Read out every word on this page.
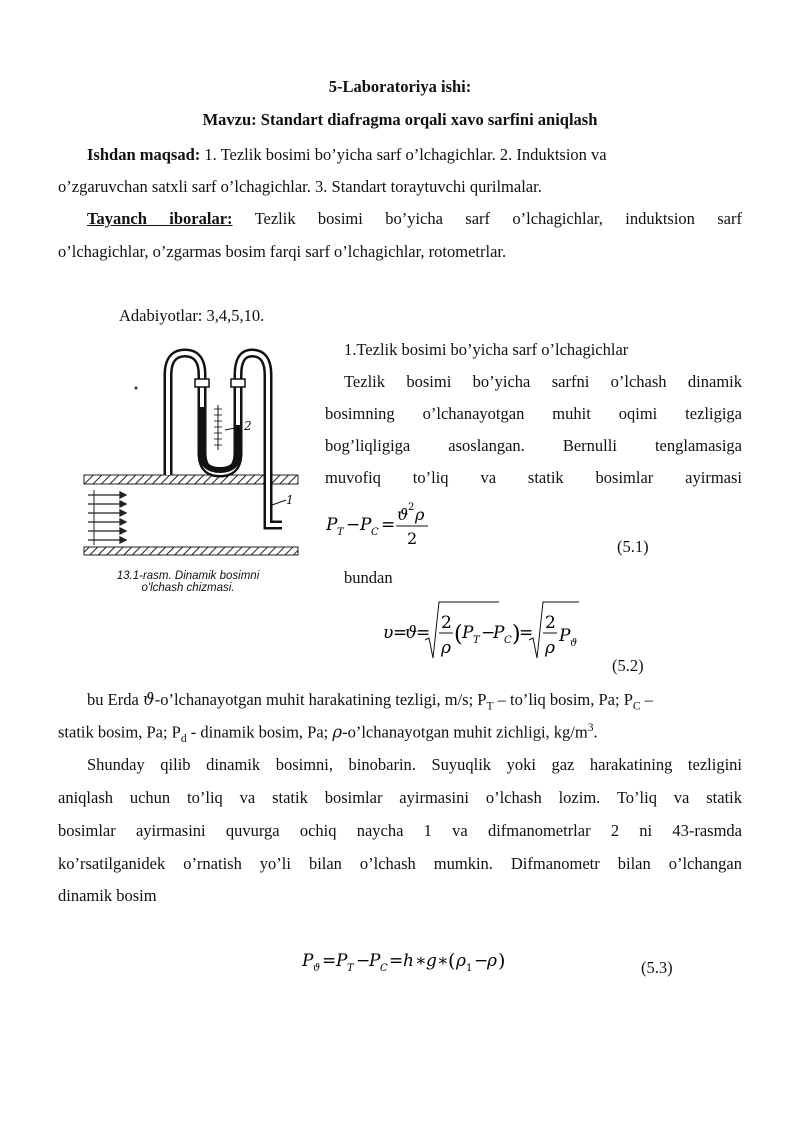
5-Laboratoriya ishi:
Mavzu: Standart diafragma orqali xavo sarfini aniqlash
Ishdan maqsad: 1. Tezlik bosimi bo’yicha sarf o’lchagichlar. 2. Induktsion va
o’zgaruvchan satxli sarf o’lchagichlar. 3. Standart toraytuvchi qurilmalar.
Tayanch iboralar: Tezlik bosimi bo’yicha sarf o’lchagichlar, induktsion sarf
o’lchagichlar, o’zgarmas bosim farqi sarf o’lchagichlar, rotometrlar.
Adabiyotlar: 3,4,5,10.
2
1
13.1-rasm. Dinamik bosimni
o'lchash chizmasi.
1.Tezlik bosimi bo’yicha sarf o’lchagichlar
Tezlik bosimi bo’yicha sarfni o’lchash dinamik
bosimning o’lchanayotgan muhit oqimi tezligiga
bog’liqligiga asoslangan. Bernulli tenglamasiga
muvofiq to’liq va statik bosimlar ayirmasi
P T − P C =
ϑ 2 ρ
2	(5.1)
bundan
υ =
ϑ
= 2
ρ
( P T −
P C )
= 2
ρ
P ϑ
(5.2)
bu Erda ϑ-o’lchanayotgan muhit harakatining tezligi, m/s; $P_T$ – to’liq bosim, Pa; $P_C$ –
statik bosim, Pa; $P_d$ - dinamik bosim, Pa; ρ-o’lchanayotgan muhit zichligi, $kg/m^3$.
Shunday qilib dinamik bosimni, binobarin. Suyuqlik yoki gaz harakatining tezligini
aniqlash uchun to’liq va statik bosimlar ayirmasini o’lchash lozim. To’liq va statik
bosimlar ayirmasini quvurga ochiq naycha 1 va difmanometrlar 2 ni 43-rasmda
ko’rsatilganidek o’rnatish yo’li bilan o’lchash mumkin. Difmanometr bilan o’lchangan
dinamik bosim
P ϑ = P T −
P C = h ∗ g ∗ ( ρ 1 −
ρ )	(5.3)
